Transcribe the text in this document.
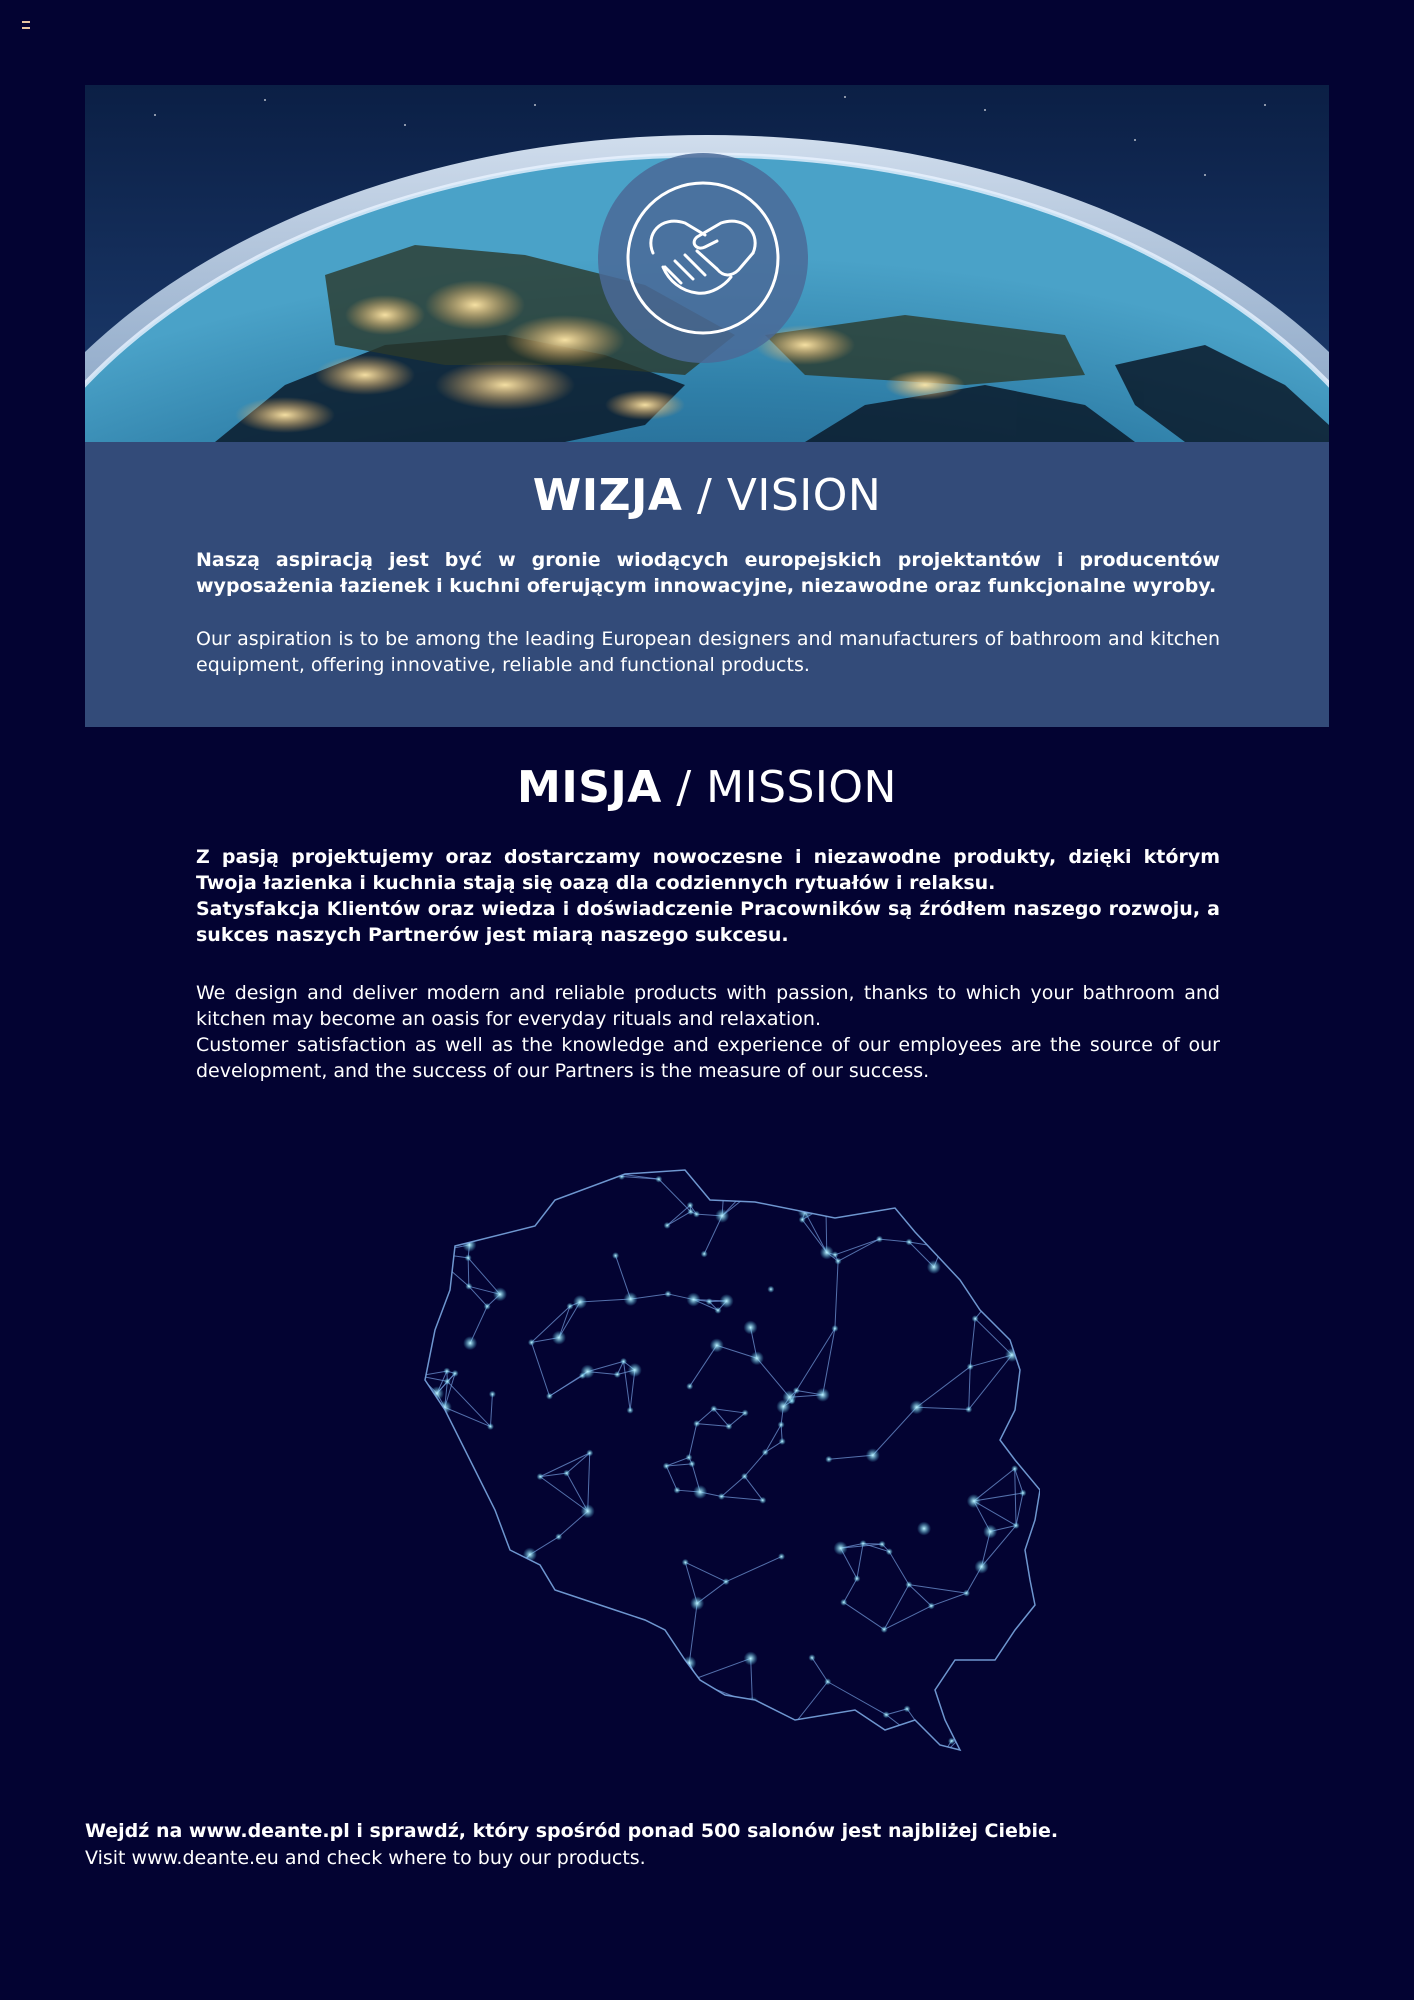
WIZJA / VISION

Naszą aspiracją jest być w gronie wiodących europejskich projektantów i producentów wyposażenia łazienek i kuchni oferującym innowacyjne, niezawodne oraz funkcjonalne wyroby.

Our aspiration is to be among the leading European designers and manufacturers of bathroom and kitchen equipment, offering innovative, reliable and functional products.

MISJA / MISSION

Z pasją projektujemy oraz dostarczamy nowoczesne i niezawodne produkty, dzięki którym Twoja łazienka i kuchnia stają się oazą dla codziennych rytuałów i relaksu.

Satysfakcja Klientów oraz wiedza i doświadczenie Pracowników są źródłem naszego rozwoju, a sukces naszych Partnerów jest miarą naszego sukcesu.

We design and deliver modern and reliable products with passion, thanks to which your bathroom and kitchen may become an oasis for everyday rituals and relaxation.

Customer satisfaction as well as the knowledge and experience of our employees are the source of our development, and the success of our Partners is the measure of our success.

Wejdź na www.deante.pl i sprawdź, który spośród ponad 500 salonów jest najbliżej Ciebie.

Visit www.deante.eu and check where to buy our products.
